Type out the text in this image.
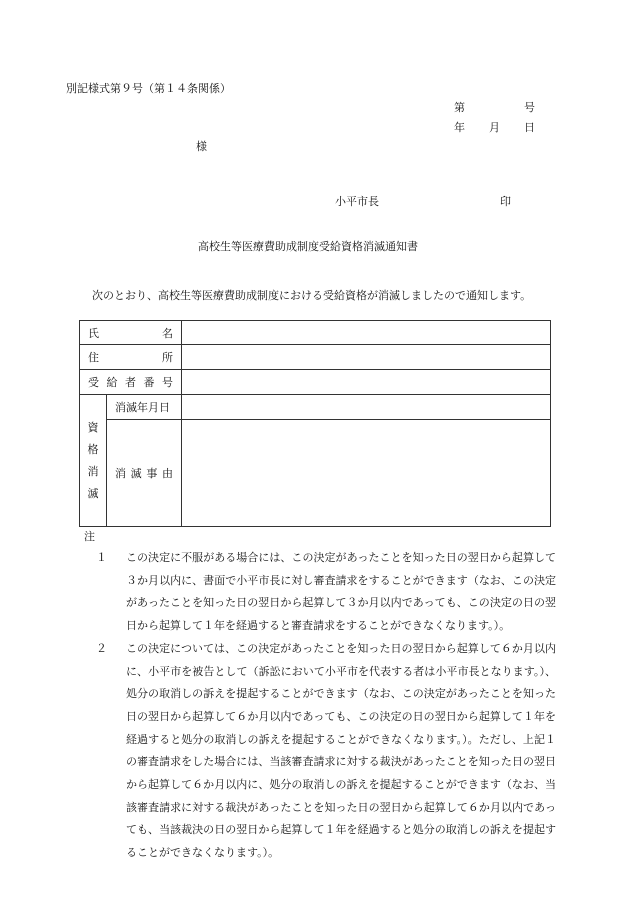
別記様式第９号（第１４条関係）
第	号
年 月 日
様
小平市長	印
高校生等医療費助成制度受給資格消滅通知書
次のとおり、高校生等医療費助成制度における受給資格が消滅しましたので通知します。
氏 名		

住 所		

受 給 者 番 号		

資
格
消
滅	消滅年月日	

	消 滅 事 由	

注
１	この決定に不服がある場合には、この決定があったことを知った日の翌日から起算して３か月以内に、書面で小平市長に対し審査請求をすることができます（なお、この決定があったことを知った日の翌日から起算して３か月以内であっても、この決定の日の翌日から起算して１年を経過すると審査請求をすることができなくなります。）。
２	この決定については、この決定があったことを知った日の翌日から起算して６か月以内に、小平市を被告として（訴訟において小平市を代表する者は小平市長となります。）、処分の取消しの訴えを提起することができます（なお、この決定があったことを知った日の翌日から起算して６か月以内であっても、この決定の日の翌日から起算して１年を経過すると処分の取消しの訴えを提起することができなくなります。）。ただし、上記１の審査請求をした場合には、当該審査請求に対する裁決があったことを知った日の翌日から起算して６か月以内に、処分の取消しの訴えを提起することができます（なお、当該審査請求に対する裁決があったことを知った日の翌日から起算して６か月以内であっても、当該裁決の日の翌日から起算して１年を経過すると処分の取消しの訴えを提起することができなくなります。）。
